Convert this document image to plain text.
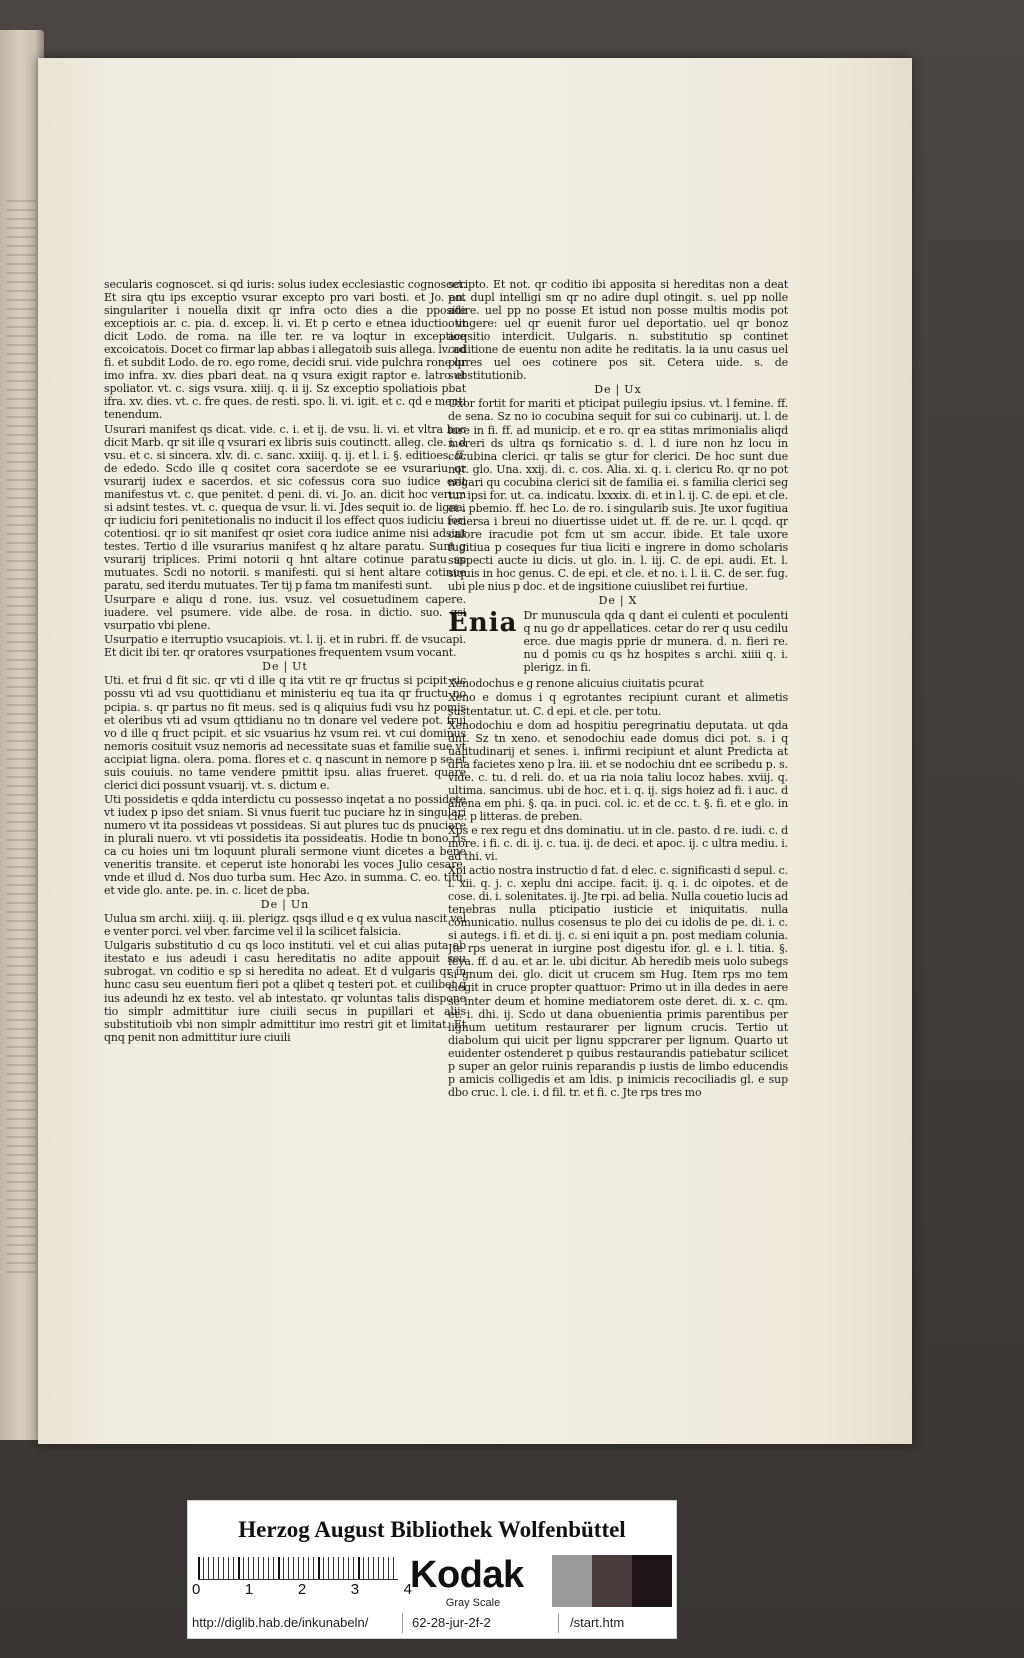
secularis cognoscet. si qd iuris: solus iudex ecclesiastic cognoscet. Et sira qtu ips exceptio vsurar excepto pro vari bosti. et Jo. an. singulariter i nouella dixit qr infra octo dies a die pposite exceptiois ar. c. pia. d. excep. li. vi. Et p certo e etnea iductio. vt dicit Lodo. de roma. na ille ter. re va loqtur in exceptioe excoicatois. Docet co firmar lap abbas i allegatoib suis allega. lv. ad fi. et subdit Lodo. de ro. ego rome, decidi srui. vide pulchra rone qr imo infra. xv. dies pbari deat. na q vsura exigit raptor e. latro et spoliator. vt. c. sigs vsura. xiiij. q. ii ij. Sz exceptio spoliatiois pbat ifra. xv. dies. vt. c. fre ques. de resti. spo. li. vi. igit. et c. qd e menti tenendum.

Usurari manifest qs dicat. vide. c. i. et ij. de vsu. li. vi. et vltra hoc dicit Marb. qr sit ille q vsurari ex libris suis coutinctt. alleg. cle. i. d vsu. et c. si sincera. xlv. di. c. sanc. xxiiij. q. ij. et l. i. §. editioes. ff. de ededo. Scdo ille q cositet cora sacerdote se ee vsurariu qr vsurarij iudex e sacerdos. et sic cofessus cora suo iudice erit manifestus vt. c. que penitet. d peni. di. vi. Jo. an. dicit hoc verum si adsint testes. vt. c. quequa de vsur. li. vi. Jdes sequit io. de ligna. qr iudiciu fori penitetionalis no inducit il los effect quos iudiciu fori cotentiosi. qr io sit manifest qr osiet cora iudice anime nisi adsint testes. Tertio d ille vsurarius manifest q hz altare paratu. Sunt g vsurarij triplices. Primi notorii q hnt altare cotinue paratu sp mutuates. Scdi no notorii. s manifesti. qui si hent altare cotinue paratu, sed iterdu mutuates. Ter tij p fama tm manifesti sunt.

Usurpare e aliqu d rone. ius. vsuz. vel cosuetudinem capere. iuadere. vel psumere. vide albe. de rosa. in dictio. suo. qsi vsurpatio vbi plene.

Usurpatio e iterruptio vsucapiois. vt. l. ij. et in rubri. ff. de vsucapi. Et dicit ibi ter. qr oratores vsurpationes frequentem vsum vocant.

De | Ut

Uti. et frui d fit sic. qr vti d ille q ita vtit re qr fructus si pcipit sic possu vti ad vsu quottidianu et ministeriu eq tua ita qr fructu no pcipia. s. qr partus no fit meus. sed is q aliquius fudi vsu hz pomis et oleribus vti ad vsum qttidianu no tn donare vel vedere pot. frui vo d ille q fruct pcipit. et sic vsuarius hz vsum rei. vt cui dominus nemoris cosituit vsuz nemoris ad necessitate suas et familie sue vt accipiat ligna. olera. poma. flores et c. q nascunt in nemore p se et suis couiuis. no tame vendere pmittit ipsu. alias frueret. quare clerici dici possunt vsuarij. vt. s. dictum e.

Uti possidetis e qdda interdictu cu possesso inqetat a no possidete vt iudex p ipso det sniam. Si vnus fuerit tuc puciare hz in singulari numero vt ita possideas vt possideas. Si aut plures tuc ds pnuciare in plurali nuero. vt vti possidetis ita possideatis. Hodie tn bono ris ca cu hoies uni tm loquunt plurali sermone viunt dicetes a bene veneritis transite. et ceperut iste honorabi les voces Julio cesare. vnde et illud d. Nos duo turba sum. Hec Azo. in summa. C. eo. titu. et vide glo. ante. pe. in. c. licet de pba.

De | Un

Uulua sm archi. xiiij. q. iii. plerigz. qsqs illud e q ex vulua nascit vel e venter porci. vel vber. farcime vel il la scilicet falsicia.

Uulgaris substitutio d cu qs loco instituti. vel et cui alias puta ab itestato e ius adeudi i casu hereditatis no adite appouit seu subrogat. vn coditio e sp si heredita no adeat. Et d vulgaris qr in hunc casu seu euentum fieri pot a qlibet q testeri pot. et cuilibet q ius adeundi hz ex testo. vel ab intestato. qr voluntas talis dispone tio simplr admittitur iure ciuili secus in pupillari et aliis substitutioib vbi non simplr admittitur imo restri git et limitat. Et qnq penit non admittitur iure ciuili

scripto. Et not. qr coditio ibi apposita si hereditas non a deat pot dupl intelligi sm qr no adire dupl otingit. s. uel pp nolle adire. uel pp no posse Et istud non posse multis modis pot otingere: uel qr euenit furor uel deportatio. uel qr bonoz acqsitio interdicit. Uulgaris. n. substitutio sp continet coditione de euentu non adite he reditatis. la ia unu casus uel plures uel oes cotinere pos sit. Cetera uide. s. de substitutionib.

De | Ux

Uxor fortit for mariti et pticipat puilegiu ipsius. vt. l femine. ff. de sena. Sz no io cocubina sequit for sui co cubinarij. ut. l. de iure in fi. ff. ad municip. et e ro. qr ea stitas mrimonialis aliqd mereri ds ultra qs fornicatio s. d. l. d iure non hz locu in cocubina clerici. qr talis se gtur for clerici. De hoc sunt due not. glo. Una. xxij. di. c. cos. Alia. xi. q. i. clericu Ro. qr no pot negari qu cocubina clerici sit de familia ei. s familia clerici seg tur ipsi for. ut. ca. indicatu. lxxxix. di. et in l. ij. C. de epi. et cle. et i pbemio. ff. hec Lo. de ro. i singularib suis. Jte uxor fugitiua reuersa i breui no diuertisse uidet ut. ff. de re. ur. l. qcqd. qr calore iracudie pot fcm ut sm accur. ibide. Et tale uxore fugitiua p coseques fur tiua liciti e ingrere in domo scholaris suspecti aucte iu dicis. ut glo. in. l. iij. C. de epi. audi. Et. l. siquis in hoc genus. C. de epi. et cle. et no. i. l. ii. C. de ser. fug. ubi ple nius p doc. et de ingsitione cuiuslibet rei furtiue.

De | X

Enia Dr munuscula qda q dant ei culenti et poculenti q nu go dr appellatices. cetar do rer q usu cedilu erce. due magis pprie dr munera. d. n. fieri re. nu d pomis cu qs hz hospites s archi. xiiii q. i. plerigz. in fi.

Xenodochus e g renone alicuius ciuitatis pcurat

Xeno e domus i q egrotantes recipiunt curant et alimetis sustentatur. ut. C. d epi. et cle. per totu.

Xenodochiu e dom ad hospitiu peregrinatiu deputata. ut qda dnt. Sz tn xeno. et senodochiu eade domus dici pot. s. i q ualitudinarij et senes. i. infirmi recipiunt et alunt Predicta at dria facietes xeno p lra. iii. et se nodochiu dnt ee scribedu p. s. vide. c. tu. d reli. do. et ua ria noia taliu locoz habes. xviij. q. ultima. sancimus. ubi de hoc. et i. q. ij. sigs hoiez ad fi. i auc. d aliena em phi. §. qa. in puci. col. ic. et de cc. t. §. fi. et e glo. in cle. p litteras. de preben.

Xps e rex regu et dns dominatiu. ut in cle. pasto. d re. iudi. c. d more. i fi. c. di. ij. c. tua. ij. de deci. et apoc. ij. c ultra mediu. i. ad thi. vi.

Xpi actio nostra instructio d fat. d elec. c. significasti d sepul. c. i. xii. q. j. c. xeplu dni accipe. facit. ij. q. i. dc oipotes. et de cose. di. i. solenitates. ij. Jte rpi. ad belia. Nulla couetio lucis ad tenebras nulla pticipatio iusticie et iniquitatis. nulla comunicatio. nullus cosensus te plo dei cu idolis de pe. di. i. c. si autegs. i fi. et di. ij. c. si eni iquit a pn. post mediam colunia. Jte rps uenerat in iurgine post digestu ifor. gl. e i. l. titia. §. feya. ff. d au. et ar. le. ubi dicitur. Ab heredib meis uolo subegs si gnum dei. glo. dicit ut crucem sm Hug. Item rps mo tem elegit in cruce propter quattuor: Primo ut in illa dedes in aere se inter deum et homine mediatorem oste deret. di. x. c. qm. et. i. dhi. ij. Scdo ut dana obuenientia primis parentibus per lignum uetitum restaurarer per lignum crucis. Tertio ut diabolum qui uicit per lignu sppcrarer per lignum. Quarto ut euidenter ostenderet p quibus restaurandis patiebatur scilicet p super an gelor ruinis reparandis p iustis de limbo educendis p amicis colligedis et am ldis. p inimicis recociliadis gl. e sup dbo cruc. l. cle. i. d fil. tr. et fi. c. Jte rps tres mo

Herzog August Bibliothek Wolfenbüttel
0	1	2	3	4
Kodak
Gray Scale
http://diglib.hab.de/inkunabeln/	62-28-jur-2f-2	/start.htm
